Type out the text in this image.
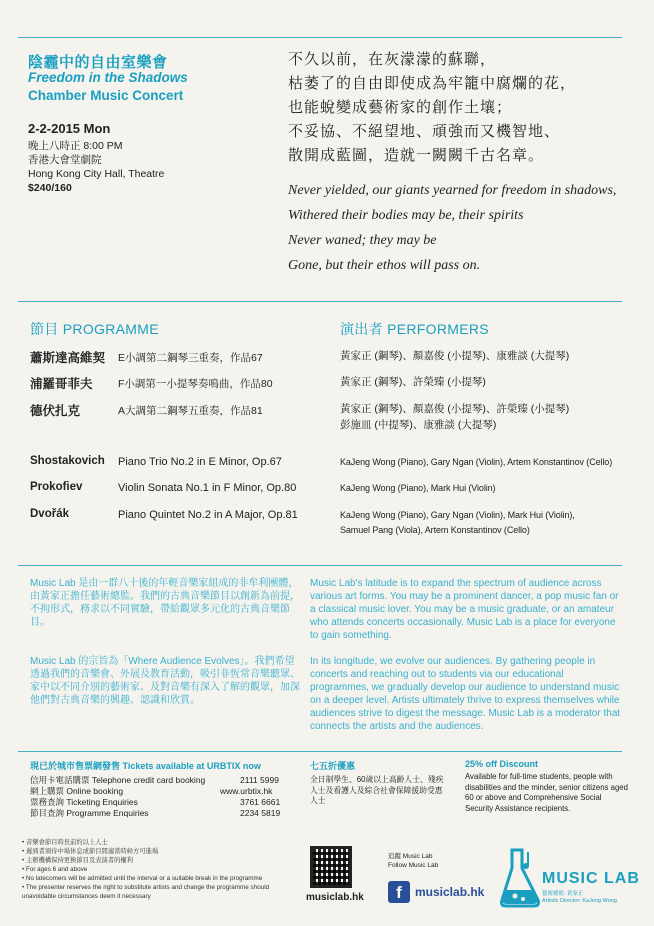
陰霾中的自由室樂會
Freedom in the Shadows
Chamber Music Concert
2-2-2015 Mon
晚上八時正 8:00 PM
香港大會堂劇院
Hong Kong City Hall, Theatre
$240/160
不久以前，在灰濛濛的蘇聯，
枯萎了的自由即使成為牢籠中腐爛的花，
也能蛻變成藝術家的創作土壤；
不妥協、不絕望地、頑強而又機智地、
散開成藍圖，造就一闕闕千古名章。
Never yielded, our giants yearned for freedom in shadows,
Withered their bodies may be, their spirits
Never waned; they may be
Gone, but their ethos will pass on.
節目 PROGRAMME	演出者 PERFORMERS
蕭斯達高維契 E小調第二鋼琴三重奏，作品67	黃家正 (鋼琴)、顏嘉俊 (小提琴)、康雅談 (大提琴)
浦羅哥菲夫 F小調第一小提琴奏鳴曲，作品80	黃家正 (鋼琴)、許榮臻 (小提琴)
德伏扎克	A大調第二鋼琴五重奏，作品81	黃家正 (鋼琴)、顏嘉俊 (小提琴)、許榮臻 (小提琴)
彭施皿 (中提琴)、康雅談 (大提琴)
Shostakovich Piano Trio No.2 in E Minor, Op.67	KaJeng Wong (Piano), Gary Ngan (Violin), Artem Konstantinov (Cello)
Prokofiev	Violin Sonata No.1 in F Minor, Op.80	KaJeng Wong (Piano), Mark Hui (Violin)
Dvořák	Piano Quintet No.2 in A Major, Op.81	KaJeng Wong (Piano), Gary Ngan (Violin), Mark Hui (Violin),
Samuel Pang (Viola), Artem Konstantinov (Cello)
Music Lab 是由一群八十後的年輕音樂家組成的非牟利團體，由黃家正擔任藝術總監。我們的古典音樂節目以創新為前提，不拘形式，務求以不同實驗，帶給觀眾多元化的古典音樂節目。
Music Lab 的宗旨為「Where Audience Evolves」。我們希望透過我們的音樂會、外展及教育活動，吸引非恆常音樂聽眾、家中以不同介別的藝術家、及對音樂有深入了解的觀眾，加深他們對古典音樂的興趣、認識和欣賞。
Music Lab's latitude is to expand the spectrum of audience across various art forms. You may be a prominent dancer, a pop music fan or a classical music lover. You may be a music graduate, or an amateur who attends concerts occasionally. Music Lab is a place for everyone to gain something.
In its longitude, we evolve our audiences. By gathering people in concerts and reaching out to students via our educational programmes, we gradually develop our audience to understand music on a deeper level. Artists ultimately thrive to express themselves while audiences strive to digest the message. Music Lab is a moderator that connects the artists and the audiences.
現已於城市售票網發售 Tickets available at URBTIX now
信用卡電話購票 Telephone credit card booking	2111 5999
網上購票 Online booking	www.urbtix.hk
票務查詢 Ticketing Enquiries	3761 6661
節目查詢 Programme Enquiries	2234 5819
七五折優惠
全日制學生、60歲以上高齡人士、殘疾人士及看護人及綜合社會保障援助受惠人士
25% off Discount
Available for full-time students, people with disabilities and the minder, senior citizens aged 60 or above and Comprehensive Social Security Assistance recipients.
• 音樂會節目時長前約以上人士
• 遲到者須待中場休息或節目間適當時候方可進場
• 主辦機構保持更換節目及表演者的權利
• For ages 6 and above
• No latecomers will be admitted until the interval or a suitable break in the programme
• The presenter reserves the right to substitute artists and change the programme should unavoidable circumstances deem it necessary	musiclab.hk
追蹤 Music Lab
Follow Music Lab
f	musiclab.hk
MUSIC LAB
藝術總監: 黃家正
Artistic Director: KaJeng Wong
